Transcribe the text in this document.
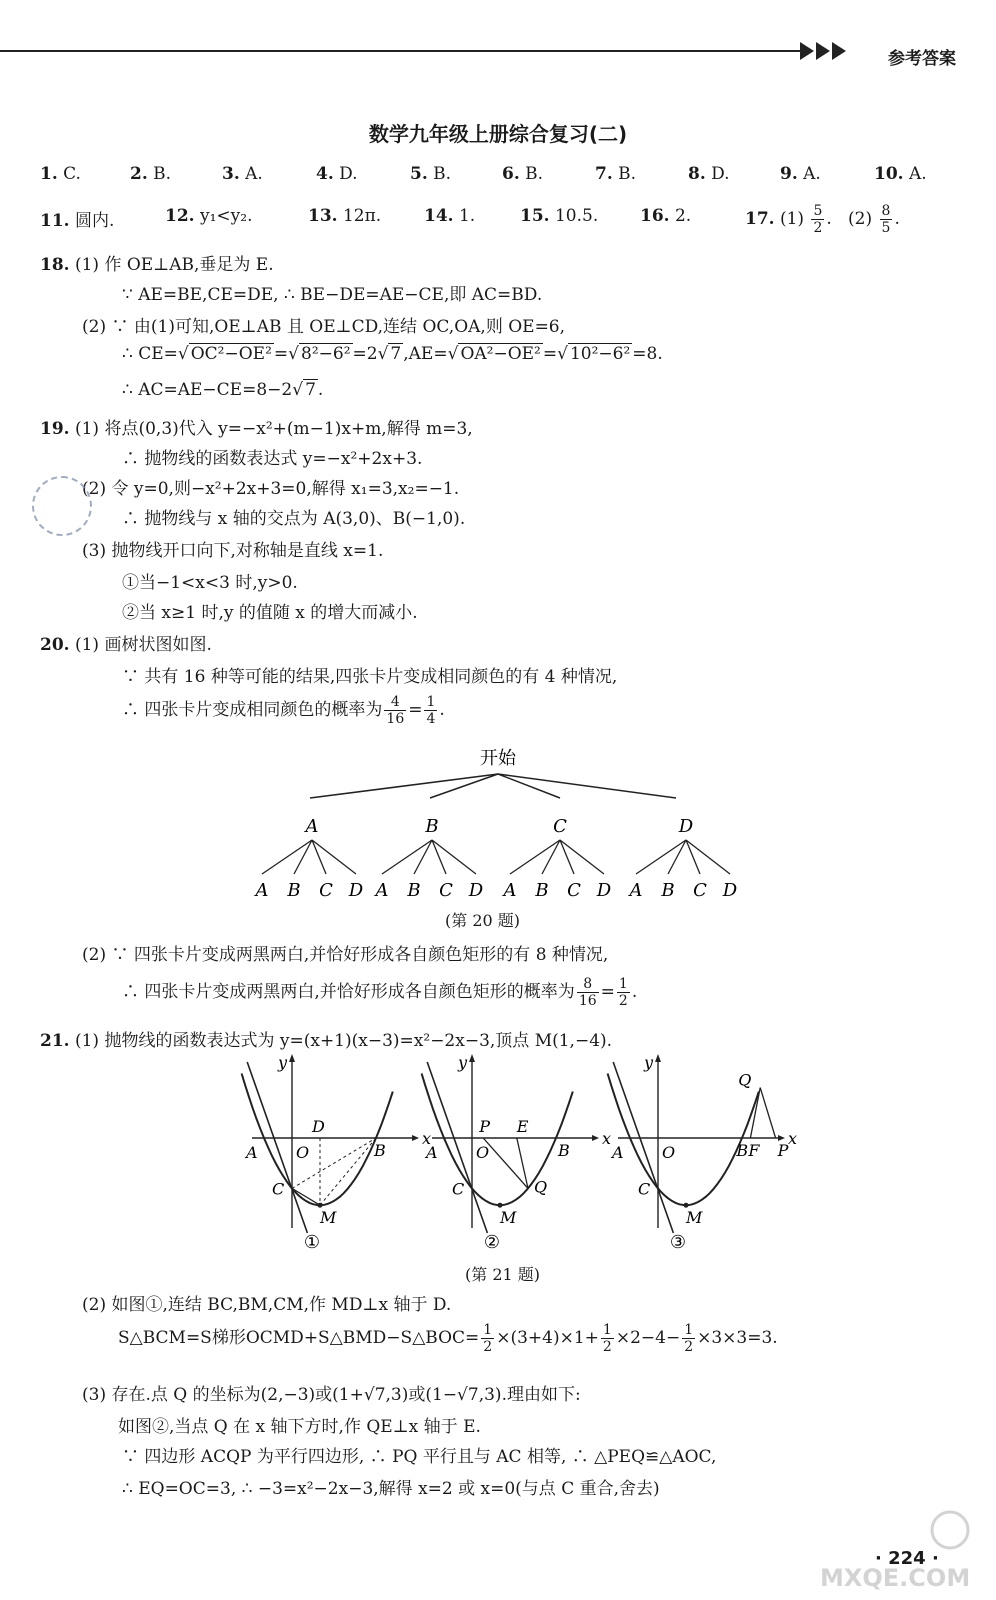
参考答案
数学九年级上册综合复习(二)
1. C.	2. B.	3. A.	4. D.	5. B.	6. B.	7. B.	8. D.	9. A.	10. A.
11. 圆内.	12. y₁<y₂.	13. 12π.	14. 1.	15. 10.5. 16. 2.	17. $(1) \frac{5}{2}$ .   $(2) \frac{8}{5}$ .
18. (1) 作 OE⊥AB,垂足为 E.
∵ AE=BE,CE=DE, ∴ BE−DE=AE−CE,即 AC=BD.
(2) ∵ 由(1)可知,OE⊥AB 且 OE⊥CD,连结 OC,OA,则 OE=6,
∴ CE=√ OC²−OE² =√ 8²−6² =2√ 7 ,AE=√ OA²−OE² =√ 10²−6² =8.
∴ AC=AE−CE=8−2√ 7 .
19. (1) 将点(0,3)代入 y=−x²+(m−1)x+m,解得 m=3,
∴ 抛物线的函数表达式 y=−x²+2x+3.
(2) 令 y=0,则−x²+2x+3=0,解得 x₁=3,x₂=−1.
∴ 抛物线与 x 轴的交点为 A(3,0)、B(−1,0).
(3) 抛物线开口向下,对称轴是直线 x=1.
①当−1<x<3 时,y>0.
②当 x≥1 时,y 的值随 x 的增大而减小.
20. (1) 画树状图如图.
∵ 共有 16 种等可能的结果,四张卡片变成相同颜色的有 4 种情况,
∴ 四张卡片变成相同颜色的概率为 $\frac{4}{16} = \frac{1}{4}$ .
开始
A
A B C D
B
A B C D
C
A B C D
D
A B C D
(第 20 题)
(2) ∵ 四张卡片变成两黑两白,并恰好形成各自颜色矩形的有 8 种情况,
∴ 四张卡片变成两黑两白,并恰好形成各自颜色矩形的概率为 $\frac{8}{16} = \frac{1}{2}$ .
21. (1) 抛物线的函数表达式为 y=(x+1)(x−3)=x²−2x−3,顶点 M(1,−4).
y
x
A O
C
M
B
D
①
y
x
A O
C
M
B
P E
Q
②
y
x
A O
C
M
B F P
Q
③
(第 21 题)
(2) 如图①,连结 BC,BM,CM,作 MD⊥x 轴于 D.
S△BCM=S梯形OCMD+S△BMD−S△BOC= $\frac{1}{2} \times(3+4)\times 1+ \frac{1}{2} \times 2-4- \frac{1}{2} \times 3\times 3=3$.
(3) 存在.点 Q 的坐标为(2,−3)或(1+√7,3)或(1−√7,3).理由如下:
如图②,当点 Q 在 x 轴下方时,作 QE⊥x 轴于 E.
∵ 四边形 ACQP 为平行四边形, ∴ PQ 平行且与 AC 相等, ∴ △PEQ≌△AOC,
∴ EQ=OC=3, ∴ −3=x²−2x−3,解得 x=2 或 x=0(与点 C 重合,舍去)
· 224 ·
MXQE.COM
